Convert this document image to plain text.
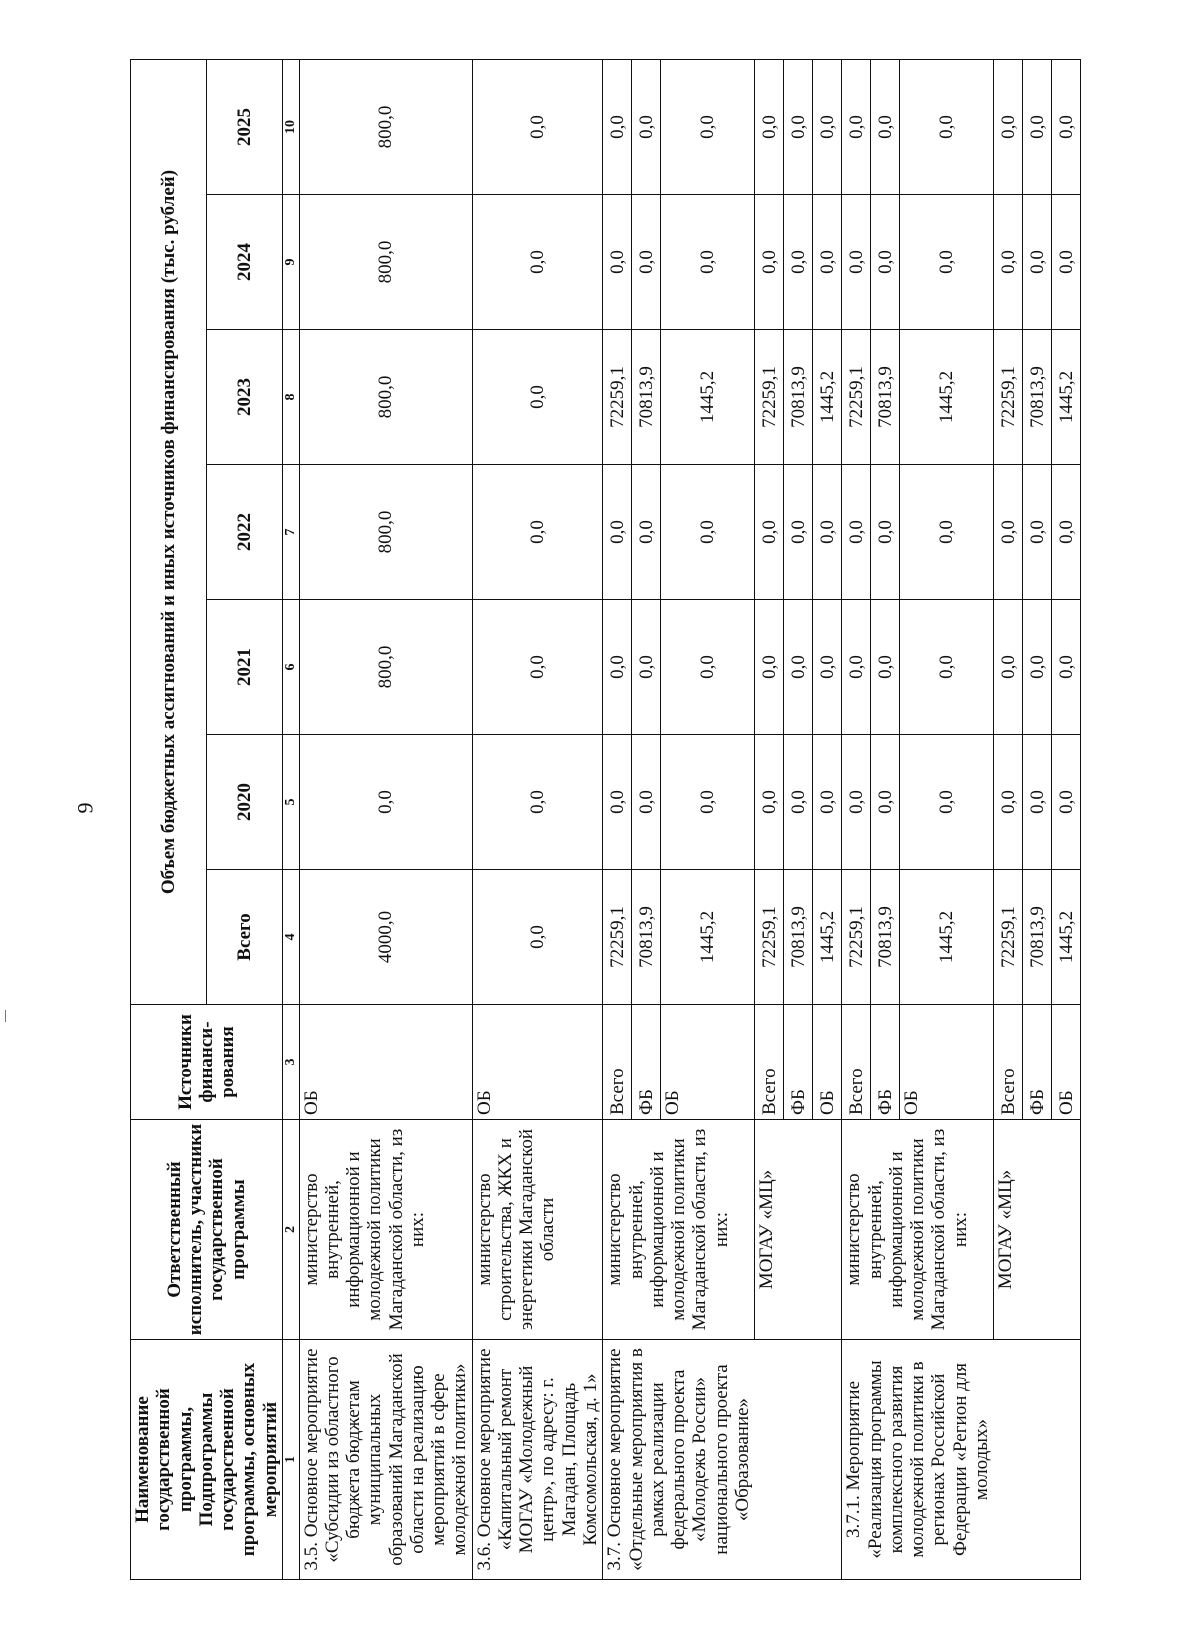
9
Наименование государственной программы, Подпрограммы государственной программы, основных мероприятий	Ответственный исполнитель, участники государственной программы	Источники финанси-рования	Объем бюджетных ассигнований и иных источников финансирования (тыс. рублей)						
			Всего	2020	2021	2022	2023	2024	2025
1	2	3	4	5	6	7	8	9	10
3.5. Основное мероприятие «Субсидии из областного бюджета бюджетам муниципальных образований Магаданской области на реализацию мероприятий в сфере молодежной политики»	министерство внутренней, информационной и молодежной политики Магаданской области, из них:	ОБ	4000,0	0,0	800,0	800,0	800,0	800,0	800,0
3.6. Основное мероприятие «Капитальный ремонт МОГАУ «Молодежный центр», по адресу: г. Магадан, Площадь Комсомольская, д. 1»	министерство строительства, ЖКХ и энергетики Магаданской области	ОБ	0,0	0,0	0,0	0,0	0,0	0,0	0,0
3.7. Основное мероприятие «Отдельные мероприятия в рамках реализации федерального проекта «Молодежь России» национального проекта «Образование»	министерство внутренней, информационной и молодежной политики Магаданской области, из них:	Всего	72259,1	0,0	0,0	0,0	72259,1	0,0	0,0
		ФБ	70813,9	0,0	0,0	0,0	70813,9	0,0	0,0
		ОБ	1445,2	0,0	0,0	0,0	1445,2	0,0	0,0
	МОГАУ «МЦ»	Всего	72259,1	0,0	0,0	0,0	72259,1	0,0	0,0
		ФБ	70813,9	0,0	0,0	0,0	70813,9	0,0	0,0
		ОБ	1445,2	0,0	0,0	0,0	1445,2	0,0	0,0
3.7.1. Мероприятие «Реализация программы комплексного развития молодежной политики в регионах Российской Федерации «Регион для молодых»	министерство внутренней, информационной и молодежной политики Магаданской области, из них:	Всего	72259,1	0,0	0,0	0,0	72259,1	0,0	0,0
		ФБ	70813,9	0,0	0,0	0,0	70813,9	0,0	0,0
		ОБ	1445,2	0,0	0,0	0,0	1445,2	0,0	0,0
	МОГАУ «МЦ»	Всего	72259,1	0,0	0,0	0,0	72259,1	0,0	0,0
		ФБ	70813,9	0,0	0,0	0,0	70813,9	0,0	0,0
		ОБ	1445,2	0,0	0,0	0,0	1445,2	0,0	0,0
